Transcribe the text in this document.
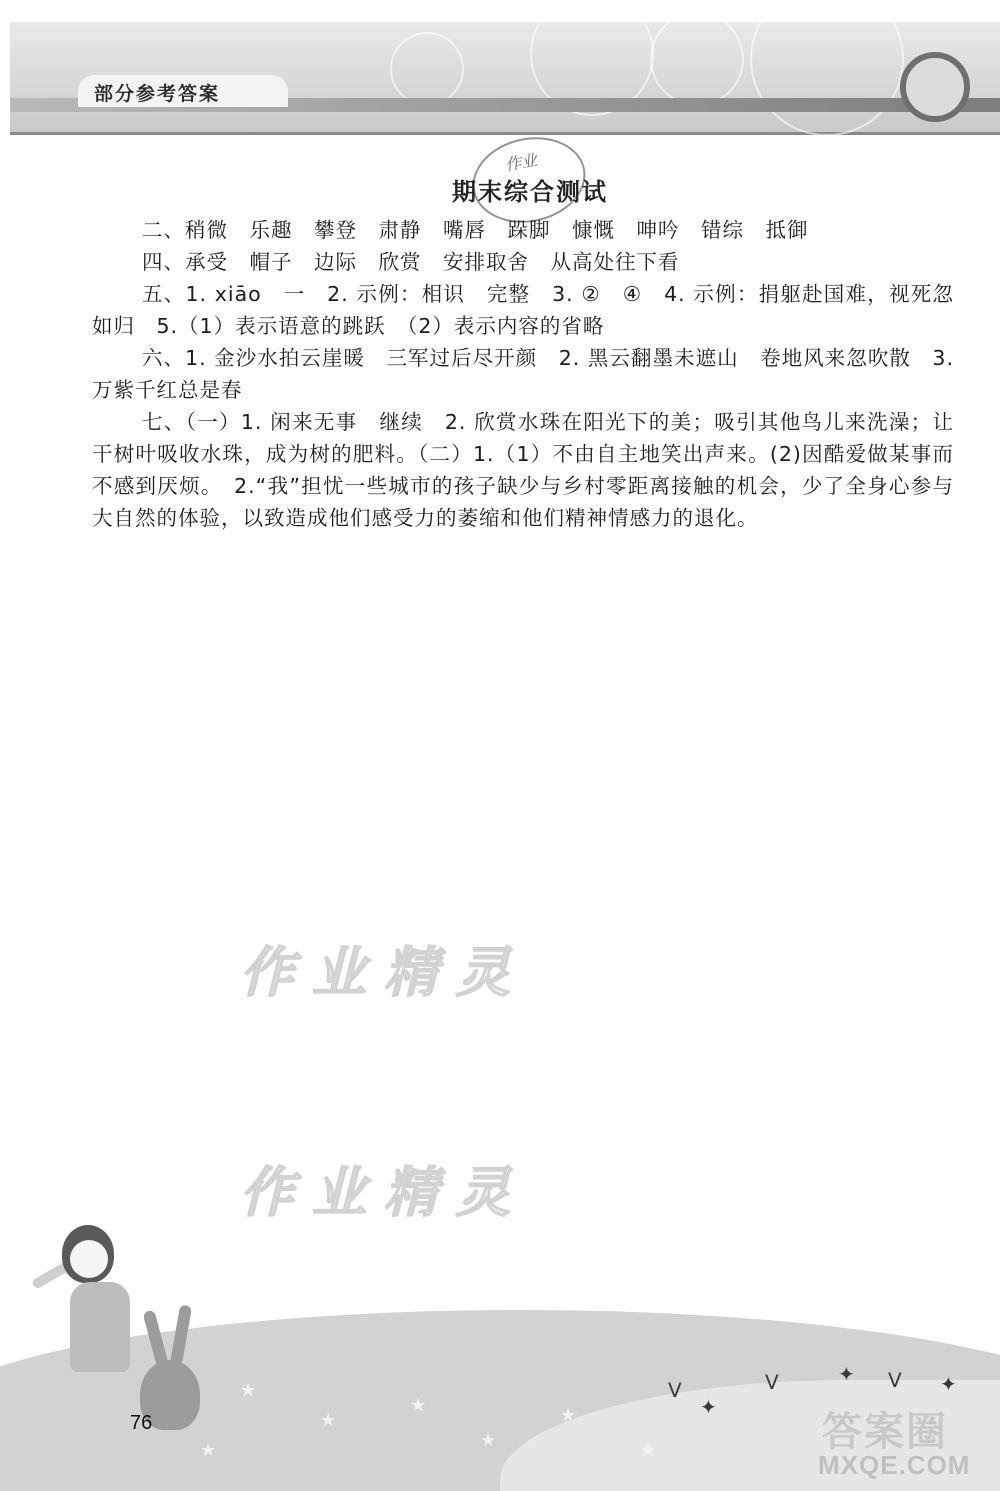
部分参考答案
作业
期末综合测试

二、稍微　乐趣　攀登　肃静　嘴唇　跺脚　慷慨　呻吟　错综　抵御

四、承受　帽子　边际　欣赏　安排取舍　从高处往下看

五、1. xiāo　一　2. 示例：相识　完整　3. ②　④　4. 示例：捐躯赴国难，视死忽如归　5.（1）表示语意的跳跃　（2）表示内容的省略

六、1. 金沙水拍云崖暖　三军过后尽开颜　2. 黑云翻墨未遮山　卷地风来忽吹散　3. 万紫千红总是春

七、（一）1. 闲来无事　继续　2. 欣赏水珠在阳光下的美；吸引其他鸟儿来洗澡；让干树叶吸收水珠，成为树的肥料。（二）1.（1）不由自主地笑出声来。(2)因酷爱做某事而不感到厌烦。　2.“我”担忧一些城市的孩子缺少与乡村零距离接触的机会，少了全身心参与大自然的体验，以致造成他们感受力的萎缩和他们精神情感力的退化。

作业精灵
作业精灵
★
★
★
★
★
★	★
ᐯ
✦
ᐯ	✦ ᐯ ✦
76	答案圈
MXQE.COM
